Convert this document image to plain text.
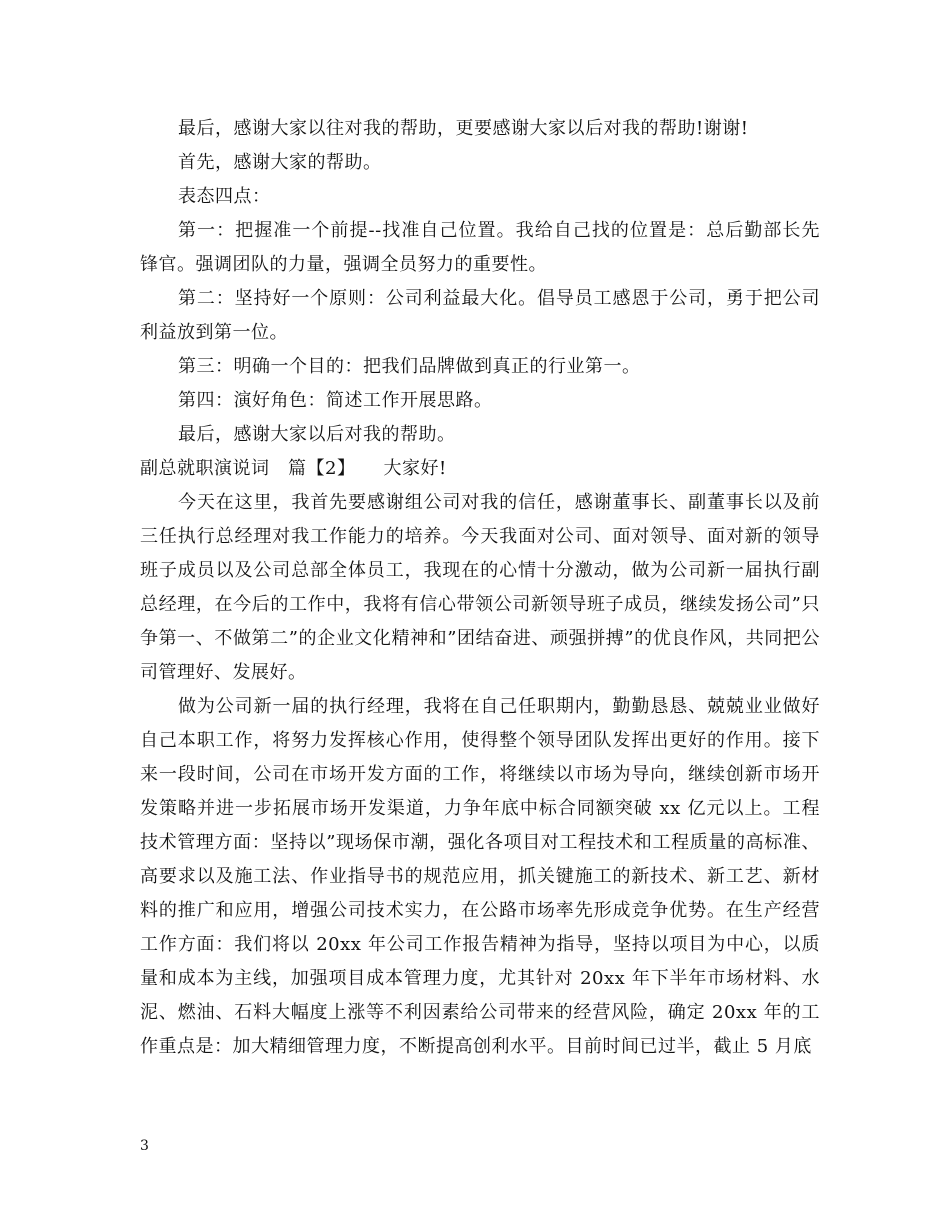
最后，感谢大家以往对我的帮助，更要感谢大家以后对我的帮助!谢谢!

首先，感谢大家的帮助。

表态四点：

第一：把握准一个前提--找准自己位置。我给自己找的位置是：总后勤部长先锋官。强调团队的力量，强调全员努力的重要性。

第二：坚持好一个原则：公司利益最大化。倡导员工感恩于公司，勇于把公司利益放到第一位。

第三：明确一个目的：把我们品牌做到真正的行业第一。

第四：演好角色：简述工作开展思路。

最后，感谢大家以后对我的帮助。

副总就职演说词　篇【2】　　大家好!

今天在这里，我首先要感谢组公司对我的信任，感谢董事长、副董事长以及前三任执行总经理对我工作能力的培养。今天我面对公司、面对领导、面对新的领导班子成员以及公司总部全体员工，我现在的心情十分激动，做为公司新一届执行副总经理，在今后的工作中，我将有信心带领公司新领导班子成员，继续发扬公司”只争第一、不做第二”的企业文化精神和”团结奋进、顽强拼搏”的优良作风，共同把公司管理好、发展好。

做为公司新一届的执行经理，我将在自己任职期内，勤勤恳恳、兢兢业业做好自己本职工作，将努力发挥核心作用，使得整个领导团队发挥出更好的作用。接下来一段时间，公司在市场开发方面的工作，将继续以市场为导向，继续创新市场开发策略并进一步拓展市场开发渠道，力争年底中标合同额突破 xx 亿元以上。工程技术管理方面：坚持以”现场保市潮，强化各项目对工程技术和工程质量的高标准、高要求以及施工法、作业指导书的规范应用，抓关键施工的新技术、新工艺、新材料的推广和应用，增强公司技术实力，在公路市场率先形成竞争优势。在生产经营工作方面：我们将以 20xx 年公司工作报告精神为指导，坚持以项目为中心，以质量和成本为主线，加强项目成本管理力度，尤其针对 20xx 年下半年市场材料、水泥、燃油、石料大幅度上涨等不利因素给公司带来的经营风险，确定 20xx 年的工作重点是：加大精细管理力度，不断提高创利水平。目前时间已过半，截止 5 月底

3
